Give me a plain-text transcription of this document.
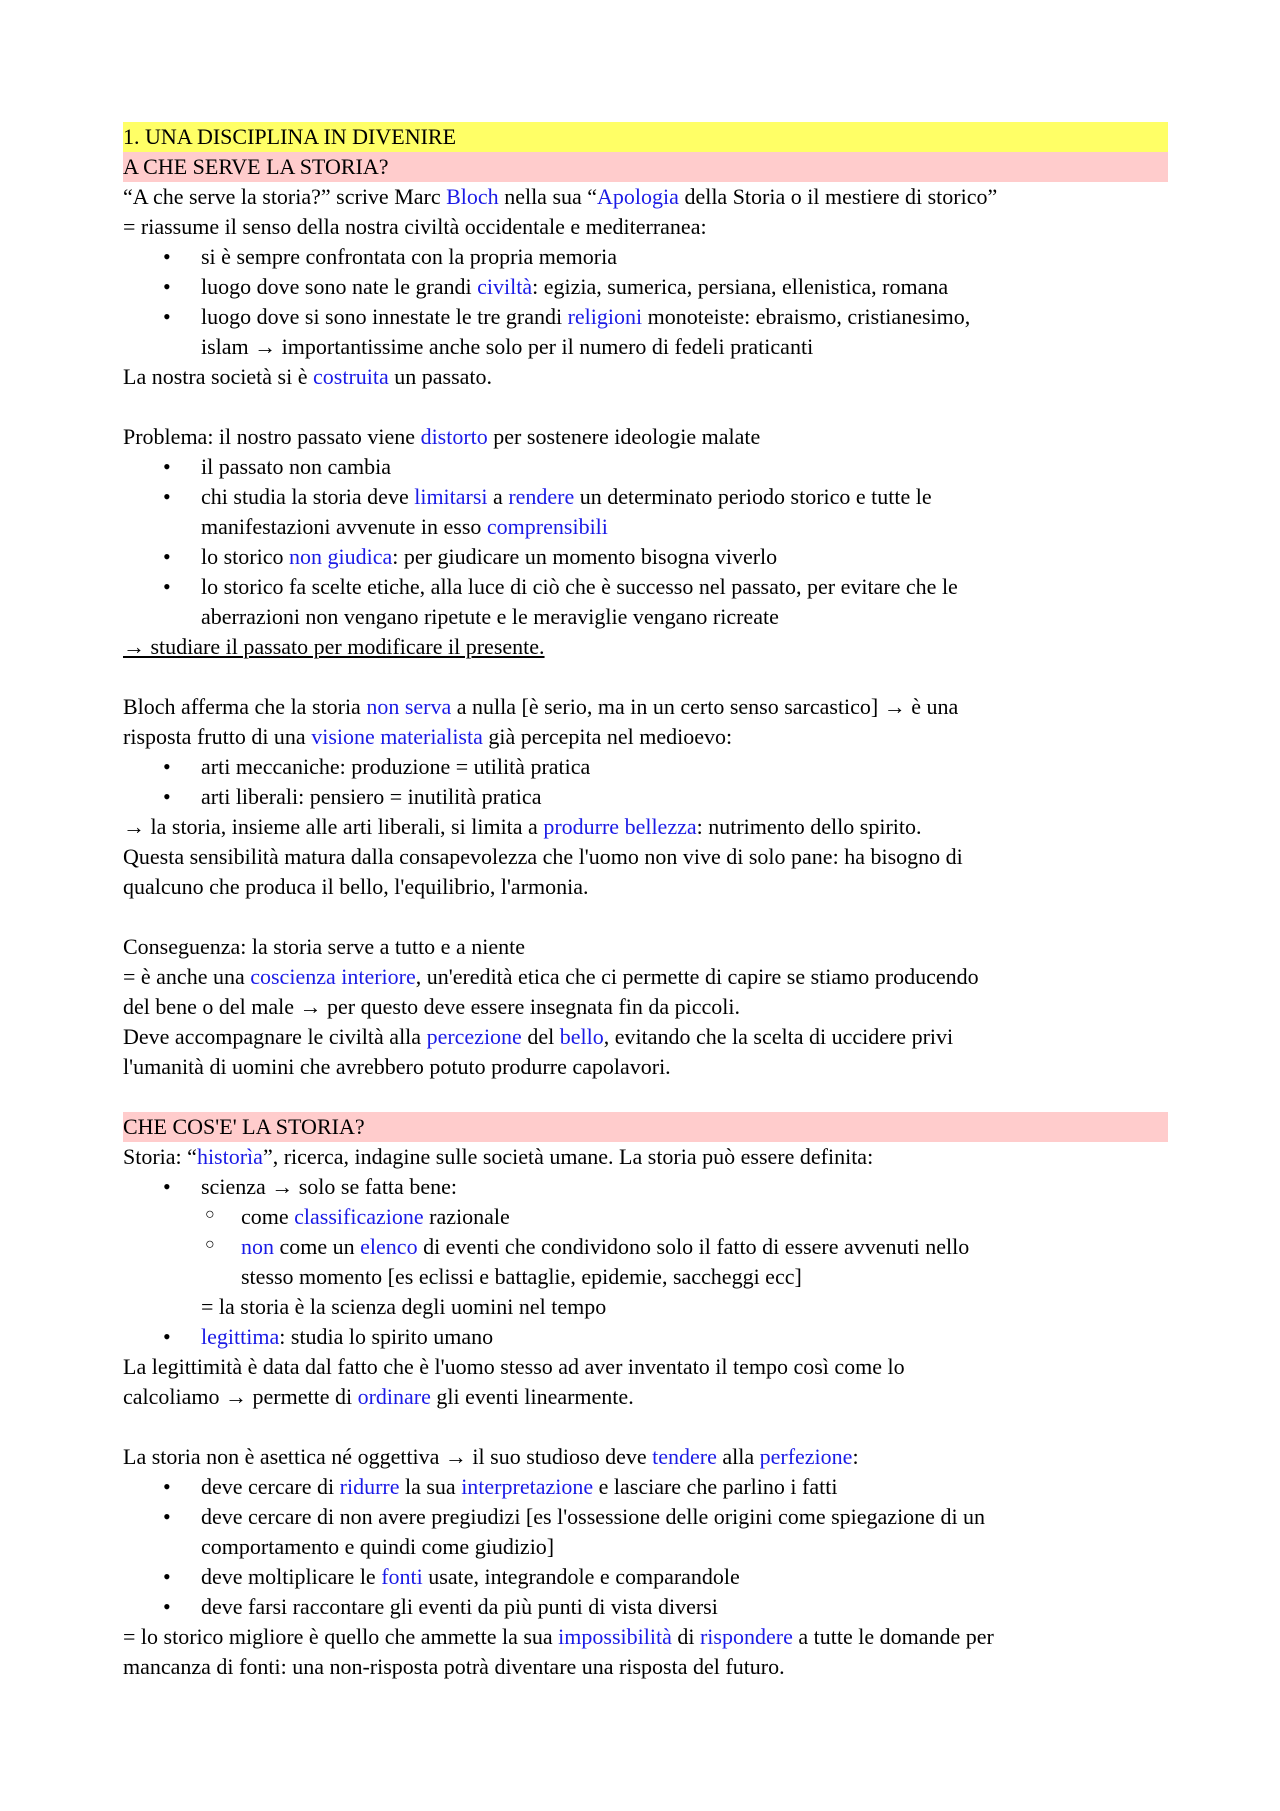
1. UNA DISCIPLINA IN DIVENIRE
A CHE SERVE LA STORIA?
“A che serve la storia?” scrive Marc Bloch nella sua “Apologia della Storia o il mestiere di storico”
= riassume il senso della nostra civiltà occidentale e mediterranea:
•	si è sempre confrontata con la propria memoria
•	luogo dove sono nate le grandi civiltà: egizia, sumerica, persiana, ellenistica, romana
•	luogo dove si sono innestate le tre grandi religioni monoteiste: ebraismo, cristianesimo,
islam → importantissime anche solo per il numero di fedeli praticanti
La nostra società si è costruita un passato.
Problema: il nostro passato viene distorto per sostenere ideologie malate
•	il passato non cambia
•	chi studia la storia deve limitarsi a rendere un determinato periodo storico e tutte le
manifestazioni avvenute in esso comprensibili
•	lo storico non giudica: per giudicare un momento bisogna viverlo
•	lo storico fa scelte etiche, alla luce di ciò che è successo nel passato, per evitare che le
aberrazioni non vengano ripetute e le meraviglie vengano ricreate
→ studiare il passato per modificare il presente.
Bloch afferma che la storia non serva a nulla [è serio, ma in un certo senso sarcastico] → è una
risposta frutto di una visione materialista già percepita nel medioevo:
•	arti meccaniche: produzione = utilità pratica
•	arti liberali: pensiero = inutilità pratica
→ la storia, insieme alle arti liberali, si limita a produrre bellezza: nutrimento dello spirito.
Questa sensibilità matura dalla consapevolezza che l'uomo non vive di solo pane: ha bisogno di
qualcuno che produca il bello, l'equilibrio, l'armonia.
Conseguenza: la storia serve a tutto e a niente
= è anche una coscienza interiore, un'eredità etica che ci permette di capire se stiamo producendo
del bene o del male → per questo deve essere insegnata fin da piccoli.
Deve accompagnare le civiltà alla percezione del bello, evitando che la scelta di uccidere privi
l'umanità di uomini che avrebbero potuto produrre capolavori.
CHE COS'E' LA STORIA?
Storia: “historìa”, ricerca, indagine sulle società umane. La storia può essere definita:
•	scienza → solo se fatta bene:
○ come classificazione razionale
○ non come un elenco di eventi che condividono solo il fatto di essere avvenuti nello
stesso momento [es eclissi e battaglie, epidemie, saccheggi ecc]
= la storia è la scienza degli uomini nel tempo
•	legittima: studia lo spirito umano
La legittimità è data dal fatto che è l'uomo stesso ad aver inventato il tempo così come lo
calcoliamo → permette di ordinare gli eventi linearmente.
La storia non è asettica né oggettiva → il suo studioso deve tendere alla perfezione:
•	deve cercare di ridurre la sua interpretazione e lasciare che parlino i fatti
•	deve cercare di non avere pregiudizi [es l'ossessione delle origini come spiegazione di un
comportamento e quindi come giudizio]
•	deve moltiplicare le fonti usate, integrandole e comparandole
•	deve farsi raccontare gli eventi da più punti di vista diversi
= lo storico migliore è quello che ammette la sua impossibilità di rispondere a tutte le domande per
mancanza di fonti: una non-risposta potrà diventare una risposta del futuro.
